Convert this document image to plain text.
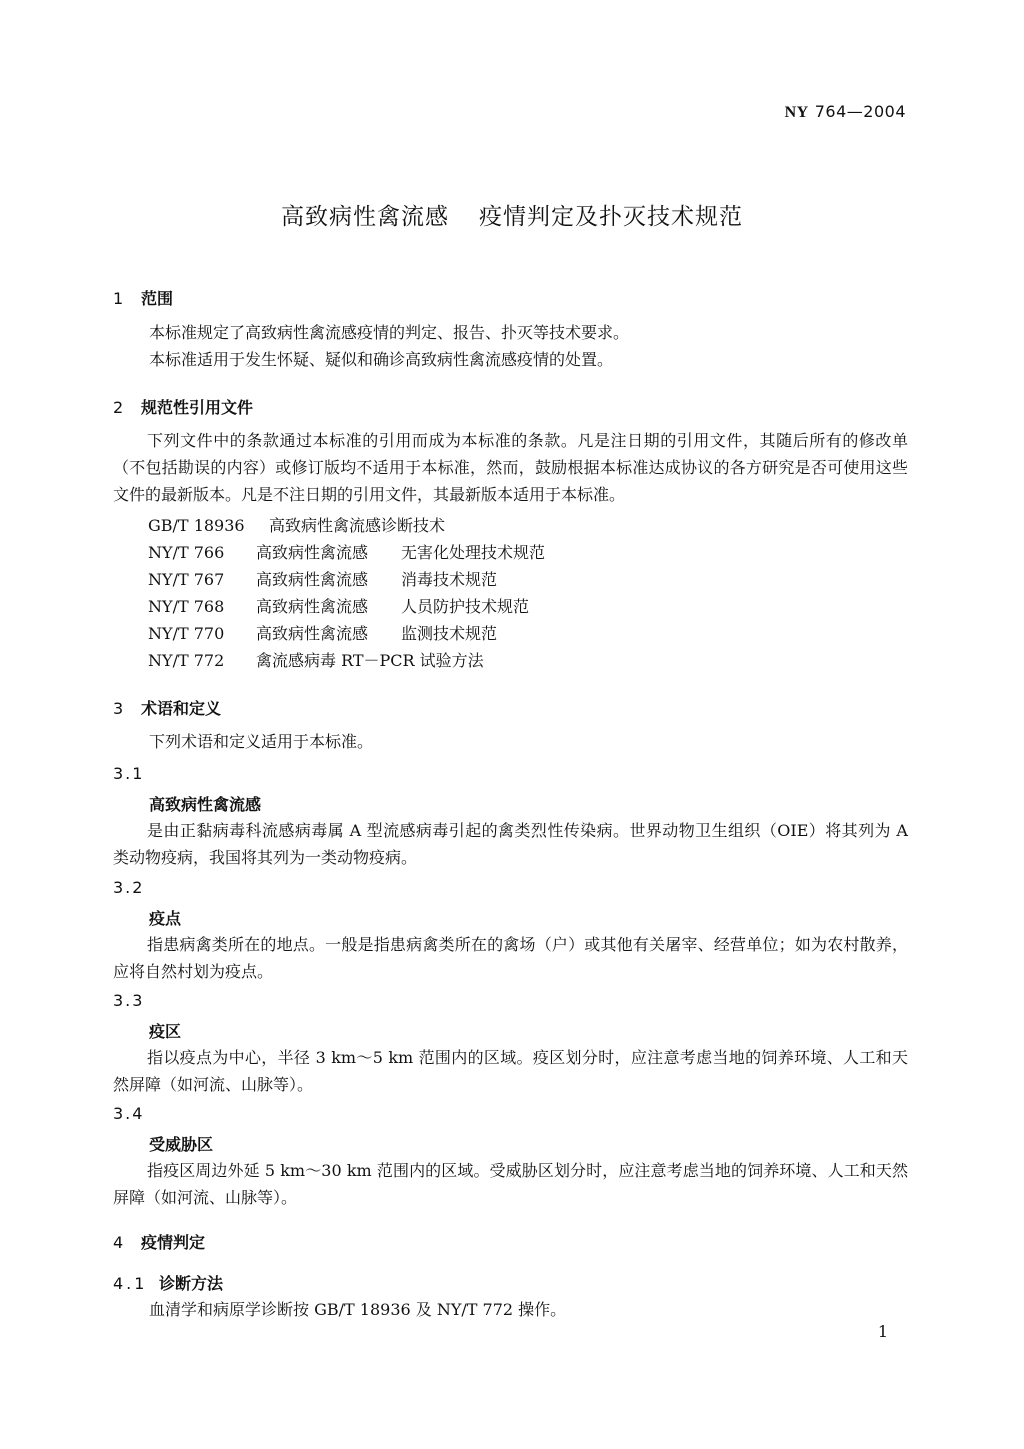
NY 764—2004
高致病性禽流感 疫情判定及扑灭技术规范
1 范围

本标准规定了高致病性禽流感疫情的判定、报告、扑灭等技术要求。

本标准适用于发生怀疑、疑似和确诊高致病性禽流感疫情的处置。

2 规范性引用文件

下列文件中的条款通过本标准的引用而成为本标准的条款。凡是注日期的引用文件，其随后所有的修改单（不包括勘误的内容）或修订版均不适用于本标准，然而，鼓励根据本标准达成协议的各方研究是否可使用这些文件的最新版本。凡是不注日期的引用文件，其最新版本适用于本标准。

GB/T 18936 高致病性禽流感诊断技术
NY/T 766 高致病性禽流感 无害化处理技术规范
NY/T 767 高致病性禽流感 消毒技术规范
NY/T 768 高致病性禽流感 人员防护技术规范
NY/T 770 高致病性禽流感 监测技术规范
NY/T 772 禽流感病毒 RT－PCR 试验方法
3 术语和定义

下列术语和定义适用于本标准。

3.1
高致病性禽流感

是由正黏病毒科流感病毒属 A 型流感病毒引起的禽类烈性传染病。世界动物卫生组织（OIE）将其列为 A 类动物疫病，我国将其列为一类动物疫病。

3.2
疫点

指患病禽类所在的地点。一般是指患病禽类所在的禽场（户）或其他有关屠宰、经营单位；如为农村散养，应将自然村划为疫点。

3.3
疫区

指以疫点为中心，半径 3 km～5 km 范围内的区域。疫区划分时，应注意考虑当地的饲养环境、人工和天然屏障（如河流、山脉等）。

3.4
受威胁区

指疫区周边外延 5 km～30 km 范围内的区域。受威胁区划分时，应注意考虑当地的饲养环境、人工和天然屏障（如河流、山脉等）。

4 疫情判定
4.1 诊断方法

血清学和病原学诊断按 GB/T 18936 及 NY/T 772 操作。

1
